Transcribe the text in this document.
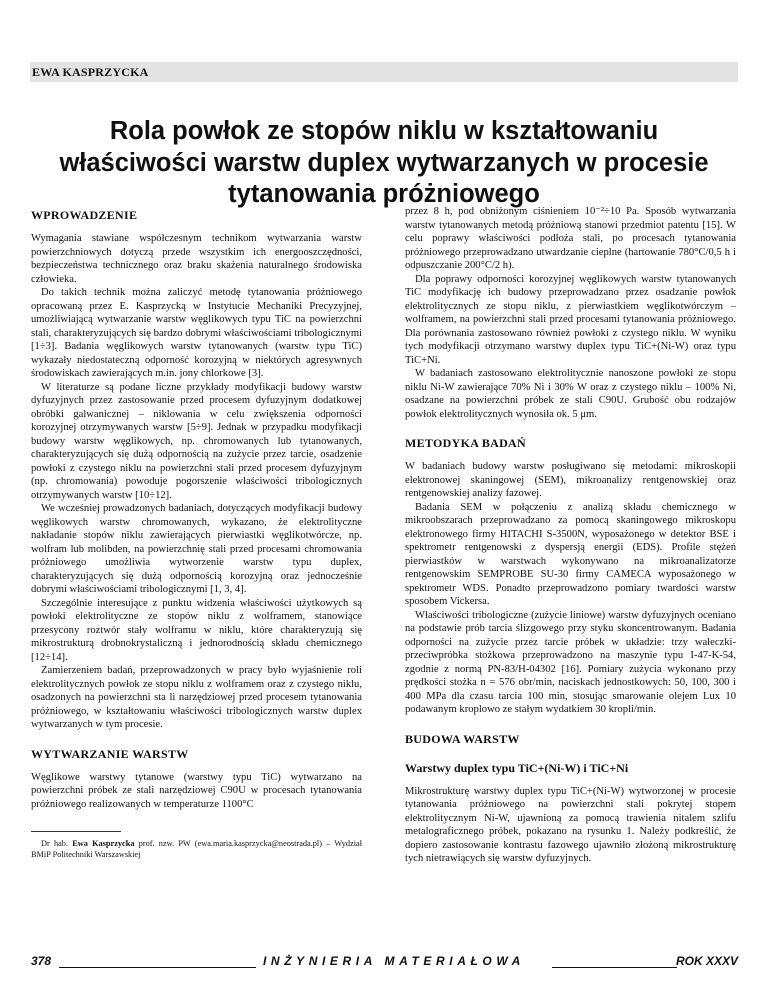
EWA KASPRZYCKA
Rola powłok ze stopów niklu w kształtowaniu właściwości warstw duplex wytwarzanych w procesie tytanowania próżniowego
WPROWADZENIE

Wymagania stawiane współczesnym technikom wytwarzania warstw powierzchniowych dotyczą przede wszystkim ich energooszczędności, bezpieczeństwa technicznego oraz braku skażenia naturalnego środowiska człowieka.

Do takich technik można zaliczyć metodę tytanowania próżniowego opracowaną przez E. Kasprzycką w Instytucie Mechaniki Precyzyjnej, umożliwiającą wytwarzanie warstw węglikowych typu TiC na powierzchni stali, charakteryzujących się bardzo dobrymi właściwościami tribologicznymi [1÷3]. Badania węglikowych warstw tytanowanych (warstw typu TiC) wykazały niedostateczną odporność korozyjną w niektórych agresywnych środowiskach zawierających m.in. jony chlorkowe [3].

W literaturze są podane liczne przykłady modyfikacji budowy warstw dyfuzyjnych przez zastosowanie przed procesem dyfuzyjnym dodatkowej obróbki galwanicznej – niklowania w celu zwiększenia odporności korozyjnej otrzymywanych warstw [5÷9]. Jednak w przypadku modyfikacji budowy warstw węglikowych, np. chromowanych lub tytanowanych, charakteryzujących się dużą odpornością na zużycie przez tarcie, osadzenie powłoki z czystego niklu na powierzchni stali przed procesem dyfuzyjnym (np. chromowania) powoduje pogorszenie właściwości tribologicznych otrzymywanych warstw [10÷12].

We wcześniej prowadzonych badaniach, dotyczących modyfikacji budowy węglikowych warstw chromowanych, wykazano, że elektrolityczne nakładanie stopów niklu zawierających pierwiastki węglikotwórcze, np. wolfram lub molibden, na powierzchnię stali przed procesami chromowania próżniowego umożliwia wytworzenie warstw typu duplex, charakteryzujących się dużą odpornością korozyjną oraz jednocześnie dobrymi właściwościami tribologicznymi [1, 3, 4].

Szczególnie interesujące z punktu widzenia właściwości użytkowych są powłoki elektrolityczne ze stopów niklu z wolframem, stanowiące przesycony roztwór stały wolframu w niklu, które charakteryzują się mikrostrukturą drobnokrystaliczną i jednorodnością składu chemicznego [12÷14].

Zamierzeniem badań, przeprowadzonych w pracy było wyjaśnienie roli elektrolitycznych powłok ze stopu niklu z wolframem oraz z czystego niklu, osadzonych na powierzchni sta li narzędziowej przed procesem tytanowania próżniowego, w kształtowaniu właściwości tribologicznych warstw duplex wytwarzanych w tym procesie.

WYTWARZANIE WARSTW

Węglikowe warstwy tytanowe (warstwy typu TiC) wytwarzano na powierzchni próbek ze stali narzędziowej C90U w procesach tytanowania próżniowego realizowanych w temperaturze 1100°C

Dr hab. Ewa Kasprzycka prof. nzw. PW (ewa.maria.kasprzycka@neostrada.pl) – Wydział BMiP Politechniki Warszawskiej

przez 8 h, pod obniżonym ciśnieniem 10⁻²÷10 Pa. Sposób wytwarzania warstw tytanowanych metodą próżniową stanowi przedmiot patentu [15]. W celu poprawy właściwości podłoża stali, po procesach tytanowania próżniowego przeprowadzano utwardzanie cieplne (hartowanie 780°C/0,5 h i odpuszczanie 200°C/2 h).

Dla poprawy odporności korozyjnej węglikowych warstw tytanowanych TiC modyfikację ich budowy przeprowadzano przez osadzanie powłok elektrolitycznych ze stopu niklu, z pierwiastkiem węglikotwórczym – wolframem, na powierzchni stali przed procesami tytanowania próżniowego. Dla porównania zastosowano również powłoki z czystego niklu. W wyniku tych modyfikacji otrzymano warstwy duplex typu TiC+(Ni-W) oraz typu TiC+Ni.

W badaniach zastosowano elektrolitycznie nanoszone powłoki ze stopu niklu Ni-W zawierające 70% Ni i 30% W oraz z czystego niklu – 100% Ni, osadzane na powierzchni próbek ze stali C90U. Grubość obu rodzajów powłok elektrolitycznych wynosiła ok. 5 μm.

METODYKA BADAŃ

W badaniach budowy warstw posługiwano się metodami: mikroskopii elektronowej skaningowej (SEM), mikroanalizy rentgenowskiej oraz rentgenowskiej analizy fazowej.

Badania SEM w połączeniu z analizą składu chemicznego w mikroobszarach przeprowadzano za pomocą skaningowego mikroskopu elektronowego firmy HITACHI S-3500N, wyposażonego w detektor BSE i spektrometr rentgenowski z dyspersją energii (EDS). Profile stężeń pierwiastków w warstwach wykonywano na mikroanalizatorze rentgenowskim SEMPROBE SU-30 firmy CAMECA wyposażonego w spektrometr WDS. Ponadto przeprowadzono pomiary twardości warstw sposobem Vickersa.

Właściwości tribologiczne (zużycie liniowe) warstw dyfuzyjnych oceniano na podstawie prób tarcia ślizgowego przy styku skoncentrowanym. Badania odporności na zużycie przez tarcie próbek w układzie: trzy wałeczki-przeciwpróbka stożkowa przeprowadzono na maszynie typu I-47-K-54, zgodnie z normą PN-83/H-04302 [16]. Pomiary zużycia wykonano przy prędkości stożka n = 576 obr/min, naciskach jednostkowych: 50, 100, 300 i 400 MPa dla czasu tarcia 100 min, stosując smarowanie olejem Lux 10 podawanym kroplowo ze stałym wydatkiem 30 kropli/min.

BUDOWA WARSTW
Warstwy duplex typu TiC+(Ni-W) i TiC+Ni

Mikrostrukturę warstwy duplex typu TiC+(Ni-W) wytworzonej w procesie tytanowania próżniowego na powierzchni stali pokrytej stopem elektrolitycznym Ni-W, ujawnioną za pomocą trawienia nitalem szlifu metalograficznego próbek, pokazano na rysunku 1. Należy podkreślić, że dopiero zastosowanie kontrastu fazowego ujawniło złożoną mikrostrukturę tych nietrawiących się warstw dyfuzyjnych.

378	INŻYNIERIA MATERIAŁOWA	ROK XXXV
